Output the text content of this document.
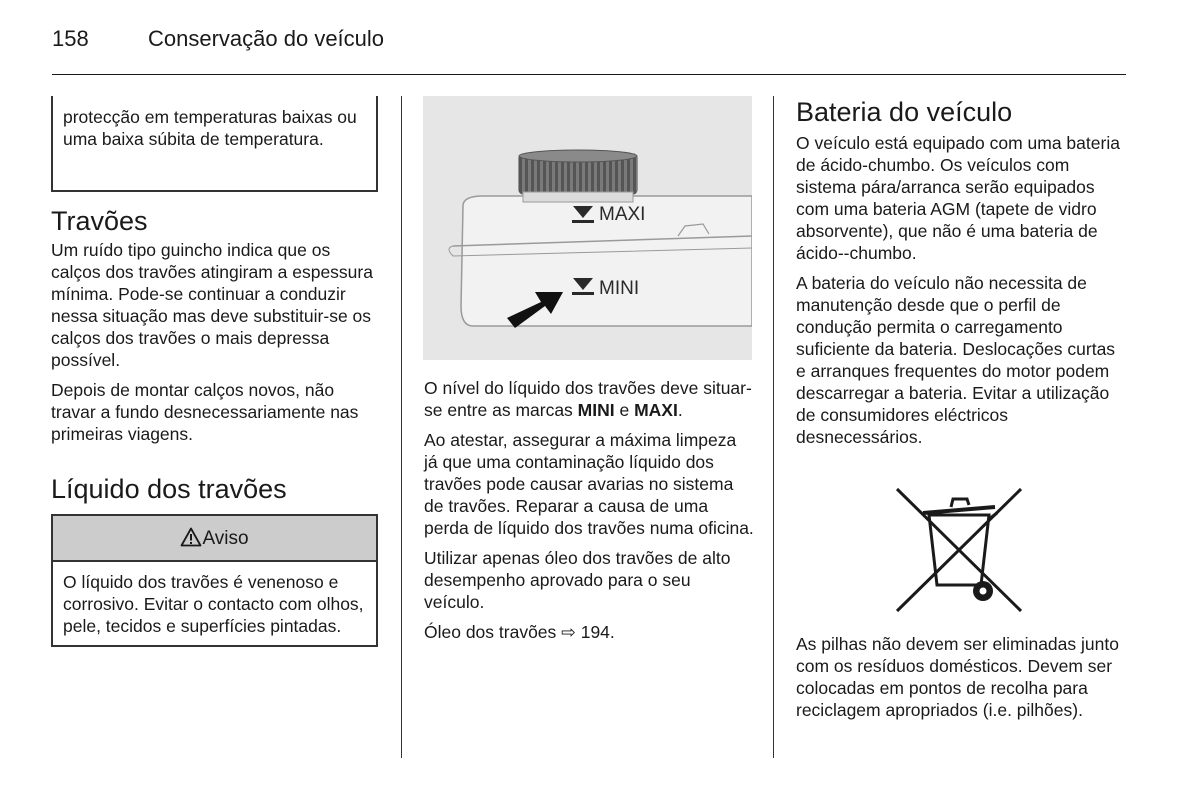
158	Conservação do veículo

protecção em temperaturas baixas ou uma baixa súbita de temperatura.

Travões

Um ruído tipo guincho indica que os calços dos travões atingiram a espessura mínima. Pode-se continuar a conduzir nessa situação mas deve substituir-se os calços dos travões o mais depressa possível.

Depois de montar calços novos, não travar a fundo desnecessariamente nas primeiras viagens.

Líquido dos travões
Aviso

O líquido dos travões é venenoso e corrosivo. Evitar o contacto com olhos, pele, tecidos e superfícies pintadas.

MAXI
MINI

O nível do líquido dos travões deve situar-se entre as marcas MINI e MAXI.

Ao atestar, assegurar a máxima limpeza já que uma contaminação líquido dos travões pode causar avarias no sistema de travões. Reparar a causa de uma perda de líquido dos travões numa oficina.

Utilizar apenas óleo dos travões de alto desempenho aprovado para o seu veículo.

Óleo dos travões ⇨ 194.

Bateria do veículo

O veículo está equipado com uma bateria de ácido-chumbo. Os veículos com sistema pára/arranca serão equipados com uma bateria AGM (tapete de vidro absorvente), que não é uma bateria de ácido--chumbo.

A bateria do veículo não necessita de manutenção desde que o perfil de condução permita o carregamento suficiente da bateria. Deslocações curtas e arranques frequentes do motor podem descarregar a bateria. Evitar a utilização de consumidores eléctricos desnecessários.

As pilhas não devem ser eliminadas junto com os resíduos domésticos. Devem ser colocadas em pontos de recolha para reciclagem apropriados (i.e. pilhões).
